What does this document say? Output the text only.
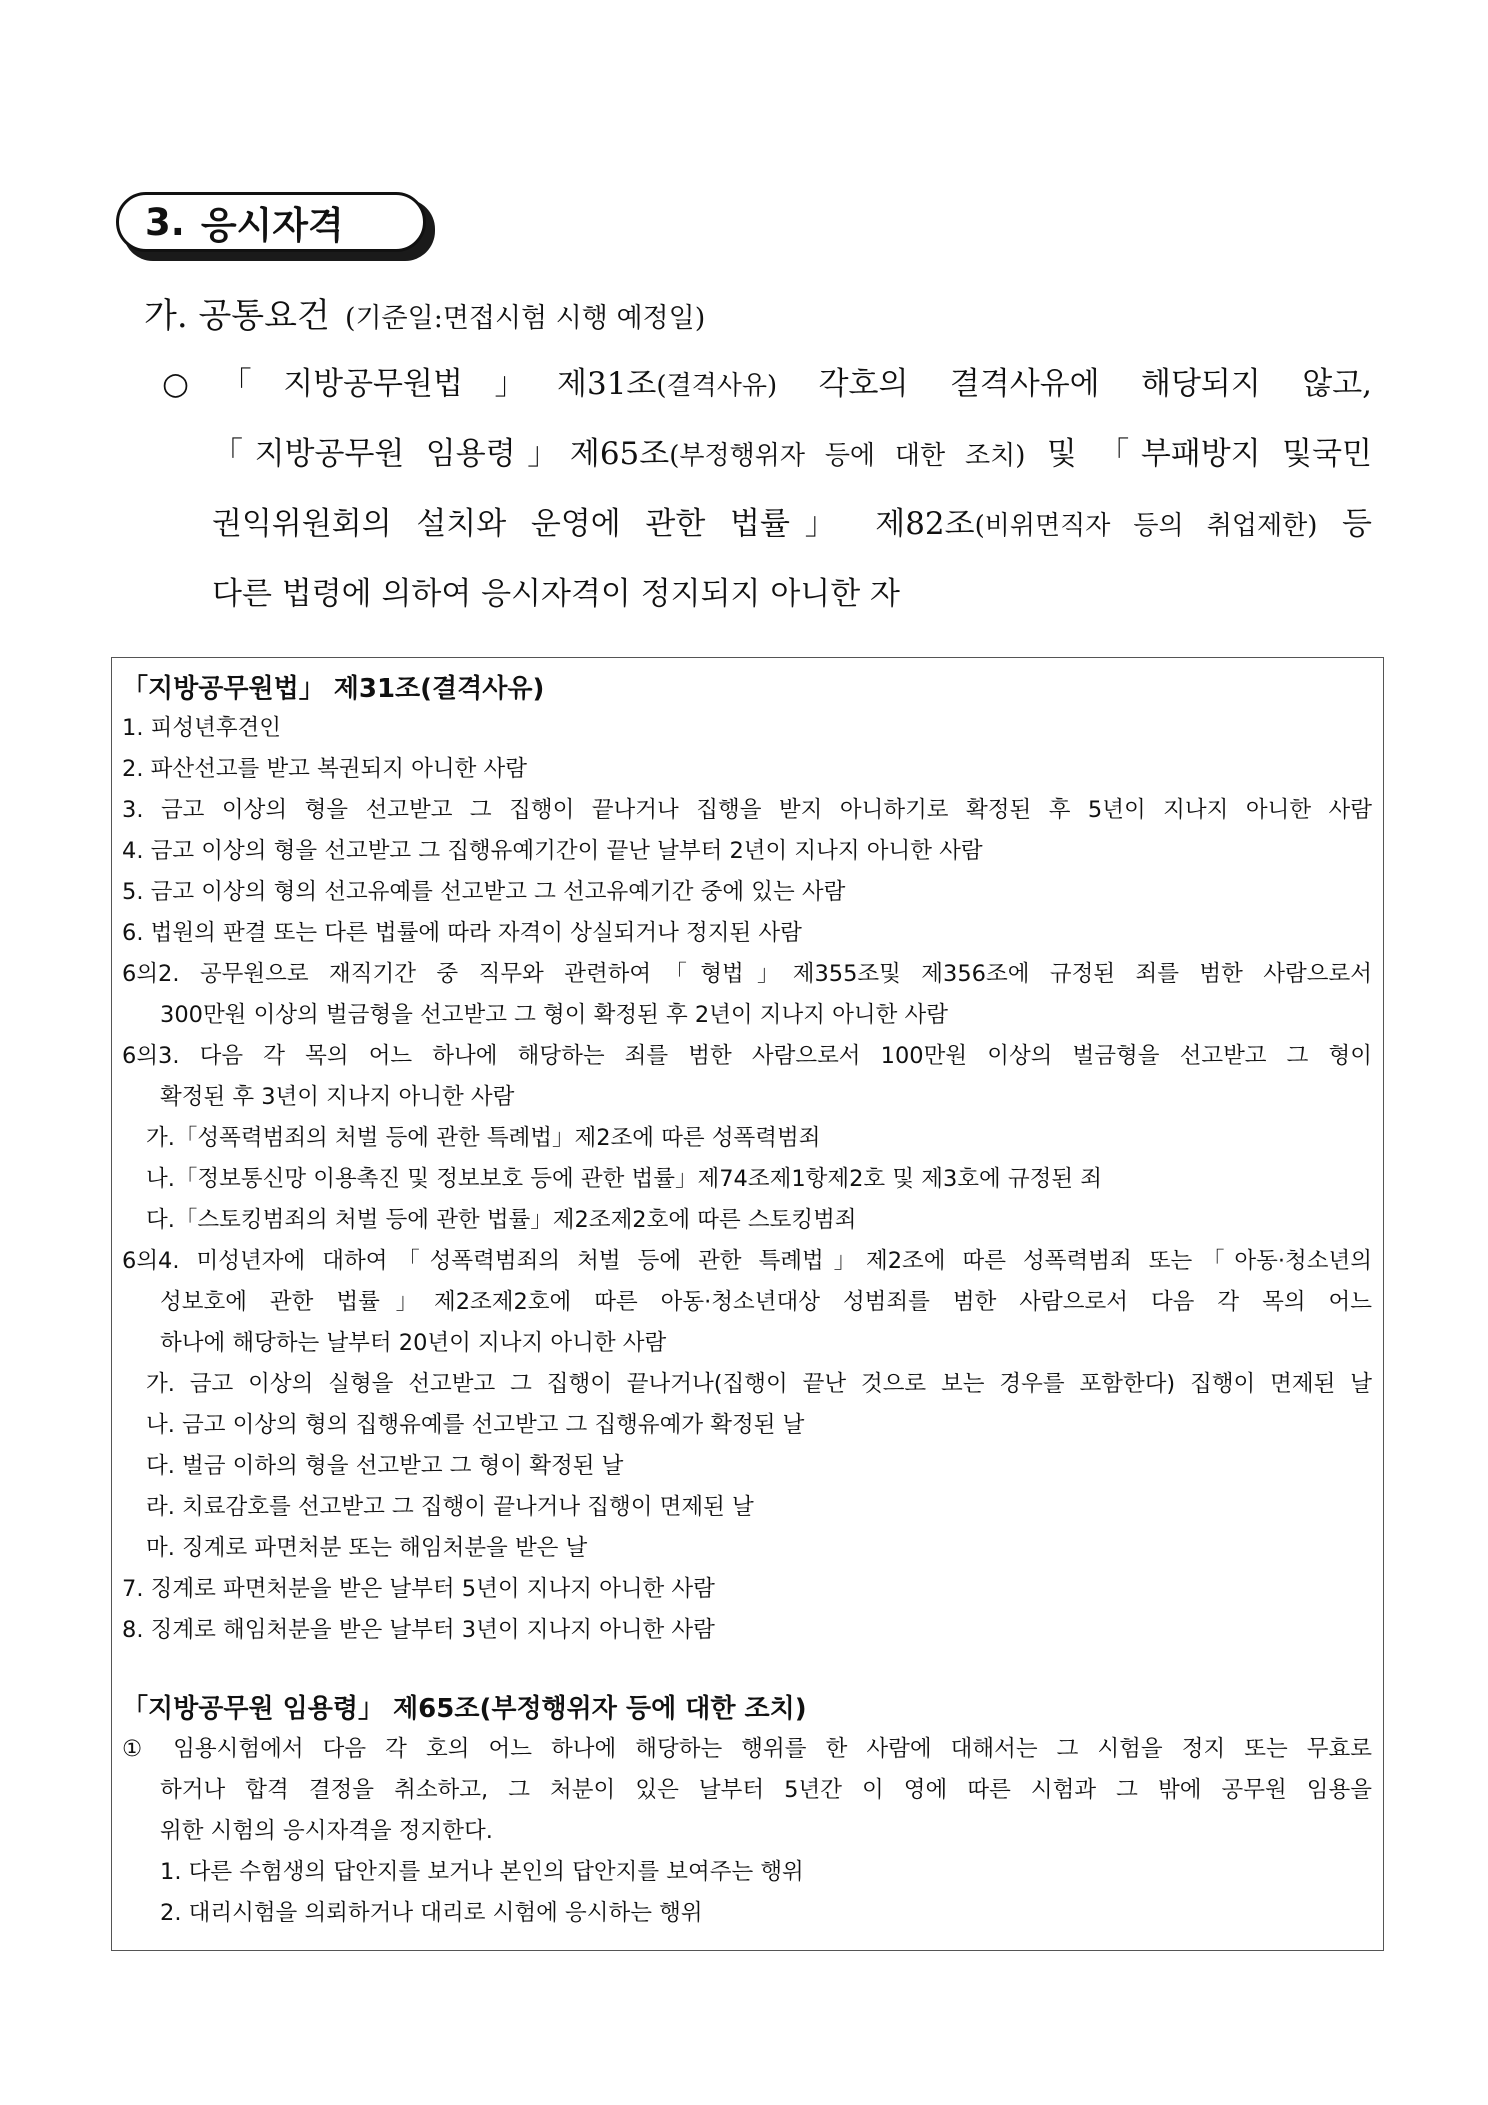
3. 응시자격
가. 공통요건 (기준일:면접시험 시행 예정일)
○「지방공무원법」제31조(결격사유) 각호의 결격사유에 해당되지 않고,
「지방공무원 임용령」제65조(부정행위자 등에 대한 조치) 및 「부패방지 및국민
권익위원회의 설치와 운영에 관한 법률」 제82조(비위면직자 등의 취업제한) 등
다른 법령에 의하여 응시자격이 정지되지 아니한 자
「지방공무원법」 제31조(결격사유)
1. 피성년후견인
2. 파산선고를 받고 복권되지 아니한 사람
3. 금고 이상의 형을 선고받고 그 집행이 끝나거나 집행을 받지 아니하기로 확정된 후 5년이 지나지 아니한 사람
4. 금고 이상의 형을 선고받고 그 집행유예기간이 끝난 날부터 2년이 지나지 아니한 사람
5. 금고 이상의 형의 선고유예를 선고받고 그 선고유예기간 중에 있는 사람
6. 법원의 판결 또는 다른 법률에 따라 자격이 상실되거나 정지된 사람
6의2. 공무원으로 재직기간 중 직무와 관련하여「형법」제355조및 제356조에 규정된 죄를 범한 사람으로서
300만원 이상의 벌금형을 선고받고 그 형이 확정된 후 2년이 지나지 아니한 사람
6의3. 다음 각 목의 어느 하나에 해당하는 죄를 범한 사람으로서 100만원 이상의 벌금형을 선고받고 그 형이
확정된 후 3년이 지나지 아니한 사람
가.「성폭력범죄의 처벌 등에 관한 특례법」제2조에 따른 성폭력범죄
나.「정보통신망 이용촉진 및 정보보호 등에 관한 법률」제74조제1항제2호 및 제3호에 규정된 죄
다.「스토킹범죄의 처벌 등에 관한 법률」제2조제2호에 따른 스토킹범죄
6의4. 미성년자에 대하여「성폭력범죄의 처벌 등에 관한 특례법」제2조에 따른 성폭력범죄 또는「아동·청소년의
성보호에 관한 법률」제2조제2호에 따른 아동·청소년대상 성범죄를 범한 사람으로서 다음 각 목의 어느
하나에 해당하는 날부터 20년이 지나지 아니한 사람
가. 금고 이상의 실형을 선고받고 그 집행이 끝나거나(집행이 끝난 것으로 보는 경우를 포함한다) 집행이 면제된 날
나. 금고 이상의 형의 집행유예를 선고받고 그 집행유예가 확정된 날
다. 벌금 이하의 형을 선고받고 그 형이 확정된 날
라. 치료감호를 선고받고 그 집행이 끝나거나 집행이 면제된 날
마. 징계로 파면처분 또는 해임처분을 받은 날
7. 징계로 파면처분을 받은 날부터 5년이 지나지 아니한 사람
8. 징계로 해임처분을 받은 날부터 3년이 지나지 아니한 사람
「지방공무원 임용령」 제65조(부정행위자 등에 대한 조치)
① 임용시험에서 다음 각 호의 어느 하나에 해당하는 행위를 한 사람에 대해서는 그 시험을 정지 또는 무효로
하거나 합격 결정을 취소하고, 그 처분이 있은 날부터 5년간 이 영에 따른 시험과 그 밖에 공무원 임용을
위한 시험의 응시자격을 정지한다.
1. 다른 수험생의 답안지를 보거나 본인의 답안지를 보여주는 행위
2. 대리시험을 의뢰하거나 대리로 시험에 응시하는 행위
